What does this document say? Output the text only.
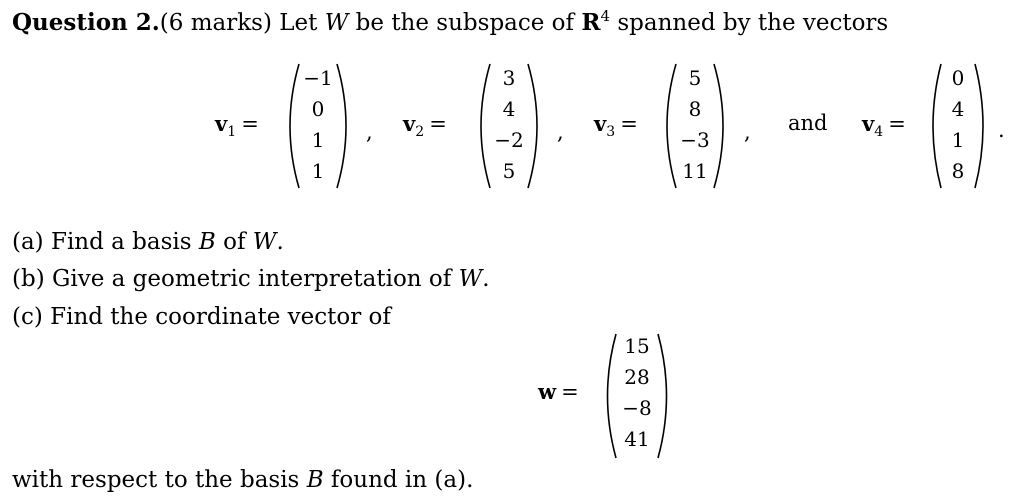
Question 2.(6 marks) Let W be the subspace of $R^4$ spanned by the vectors
$v_1$ =
−1
0
1
1
, $v_2$ =
3
4
−2
5
, $v_3$ =
5
8
−3
11
, and $v_4$ =
0
4
1
8
.
(a) Find a basis B of W.
(b) Give a geometric interpretation of W.
(c) Find the coordinate vector of
w =
15
28
−8
41
with respect to the basis B found in (a).
